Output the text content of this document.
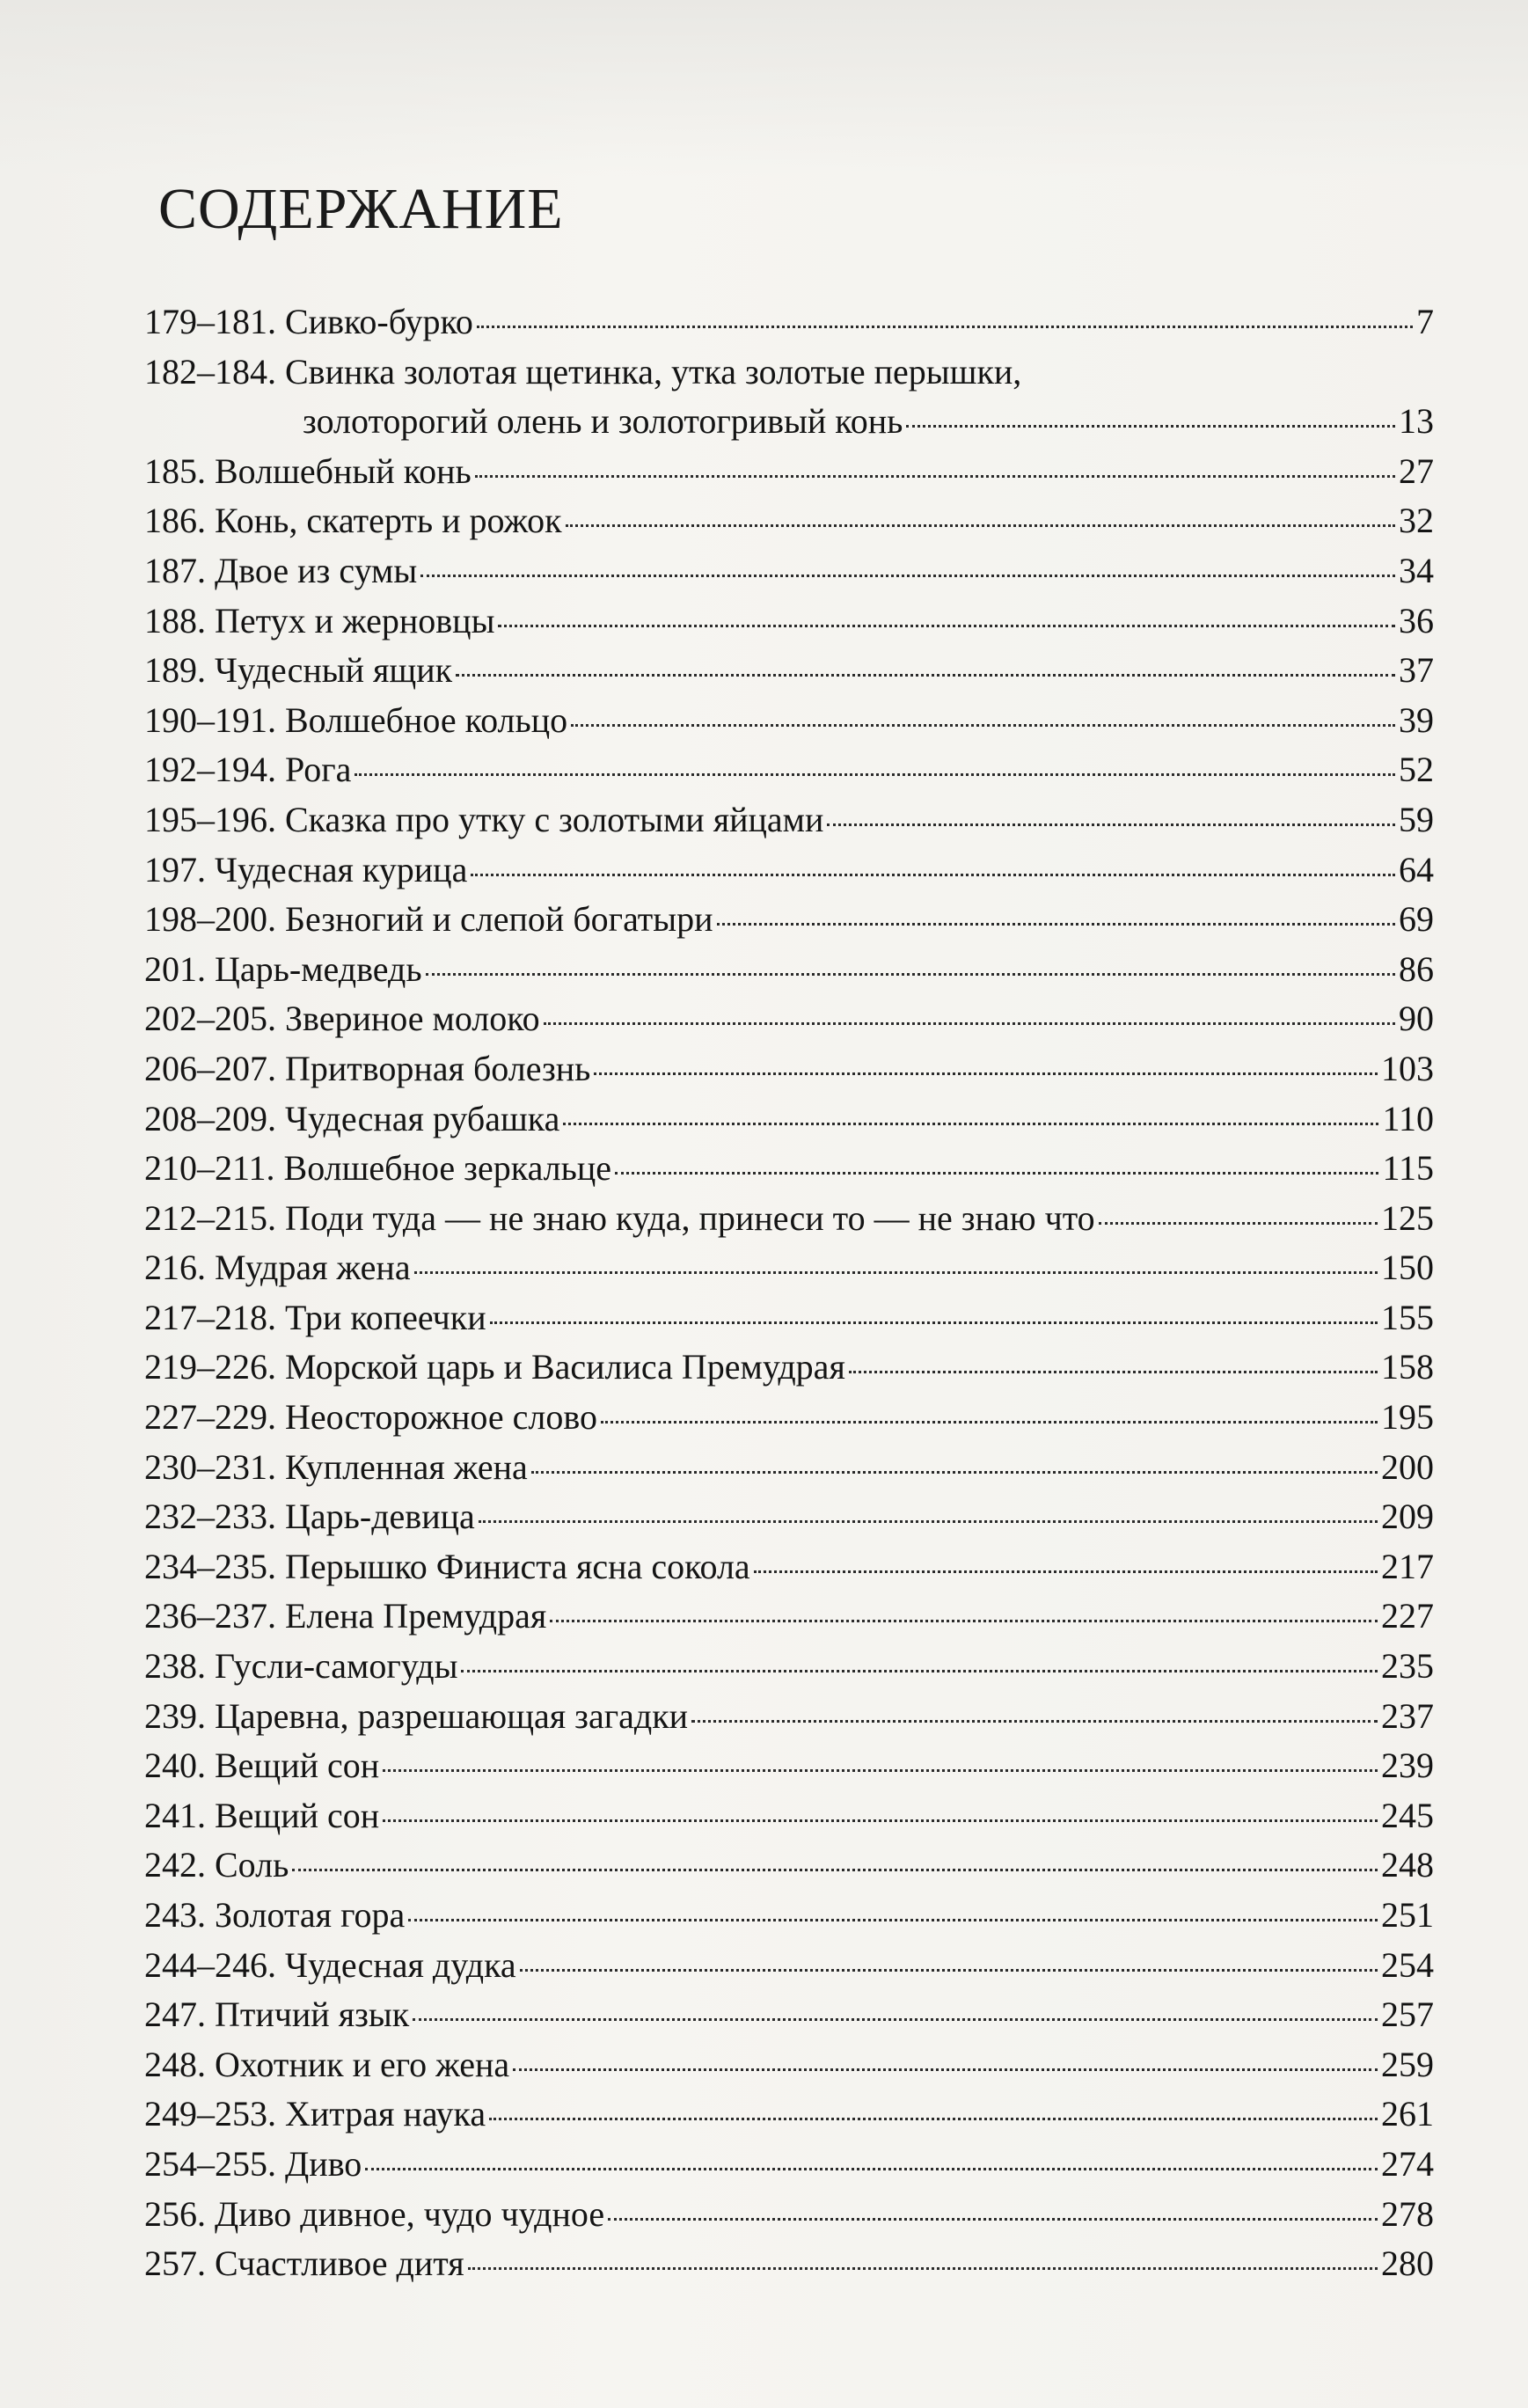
СОДЕРЖАНИЕ
179–181. Сивко-бурко	7
182–184. Свинка золотая щетинка, утка золотые перышки,
золоторогий олень и золотогривый конь	13
185. Волшебный конь	27
186. Конь, скатерть и рожок	32
187. Двое из сумы	34
188. Петух и жерновцы	36
189. Чудесный ящик	37
190–191. Волшебное кольцо	39
192–194. Рога	52
195–196. Сказка про утку с золотыми яйцами	59
197. Чудесная курица	64
198–200. Безногий и слепой богатыри	69
201. Царь-медведь	86
202–205. Звериное молоко	90
206–207. Притворная болезнь	103
208–209. Чудесная рубашка	110
210–211. Волшебное зеркальце	115
212–215. Поди туда — не знаю куда, принеси то — не знаю что	125
216. Мудрая жена	150
217–218. Три копеечки	155
219–226. Морской царь и Василиса Премудрая	158
227–229. Неосторожное слово	195
230–231. Купленная жена	200
232–233. Царь-девица	209
234–235. Перышко Финиста ясна сокола	217
236–237. Елена Премудрая	227
238. Гусли-самогуды	235
239. Царевна, разрешающая загадки	237
240. Вещий сон	239
241. Вещий сон	245
242. Соль	248
243. Золотая гора	251
244–246. Чудесная дудка	254
247. Птичий язык	257
248. Охотник и его жена	259
249–253. Хитрая наука	261
254–255. Диво	274
256. Диво дивное, чудо чудное	278
257. Счастливое дитя	280
